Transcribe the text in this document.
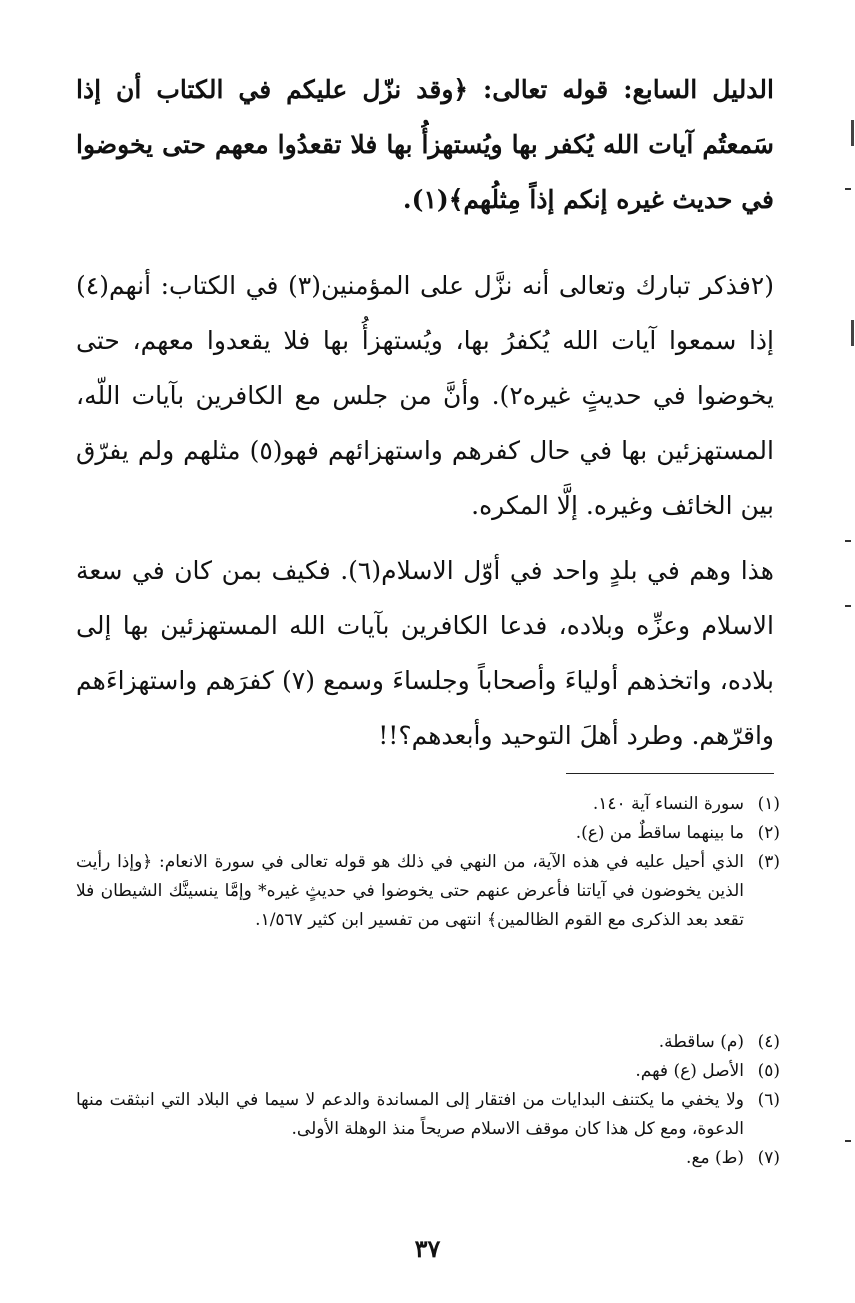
الدليل السابع: قوله تعالى: ﴿وقد نزّل عليكم في الكتاب أن إذا سَمعتُم آيات الله يُكفر بها ويُستهزأُ بها فلا تقعدُوا معهم حتى يخوضوا في حديث غيره إنكم إذاً مِثلُهم﴾(١).

(٢فذكر تبارك وتعالى أنه نزَّل على المؤمنين(٣) في الكتاب: أنهم(٤) إذا سمعوا آيات الله يُكفرُ بها، ويُستهزأُ بها فلا يقعدوا معهم، حتى يخوضوا في حديثٍ غيره٢). وأنَّ من جلس مع الكافرين بآيات اللّه، المستهزئين بها في حال كفرهم واستهزائهم فهو(٥) مثلهم ولم يفرّق بين الخائف وغيره. إلَّا المكره.

هذا وهم في بلدٍ واحد في أوّل الاسلام(٦). فكيف بمن كان في سعة الاسلام وعزِّه وبلاده، فدعا الكافرين بآيات الله المستهزئين بها إلى بلاده، واتخذهم أولياءَ وأصحاباً وجلساءَ وسمع (٧) كفرَهم واستهزاءَهم واقرّهم. وطرد أهلَ التوحيد وأبعدهم؟!!

(١)
سورة النساء آية ١٤٠.
(٢)
ما بينهما ساقطٌ من (ع).
(٣)
الذي أحيل عليه في هذه الآية، من النهي في ذلك هو قوله تعالى في سورة الانعام: ﴿وإذا رأيت الذين يخوضون في آياتنا فأعرض عنهم حتى يخوضوا في حديثٍ غيره* وإمَّا ينسينَّك الشيطان فلا تقعد بعد الذكرى مع القوم الظالمين﴾ انتهى من تفسير ابن كثير ١/٥٦٧.
(٤)
(م) ساقطة.
(٥)
الأصل (ع) فهم.
(٦)
ولا يخفي ما يكتنف البدايات من افتقار إلى المساندة والدعم لا سيما في البلاد التي انبثقت منها الدعوة، ومع كل هذا كان موقف الاسلام صريحاً منذ الوهلة الأولى.
(٧)
(ط) مع.
٣٧
